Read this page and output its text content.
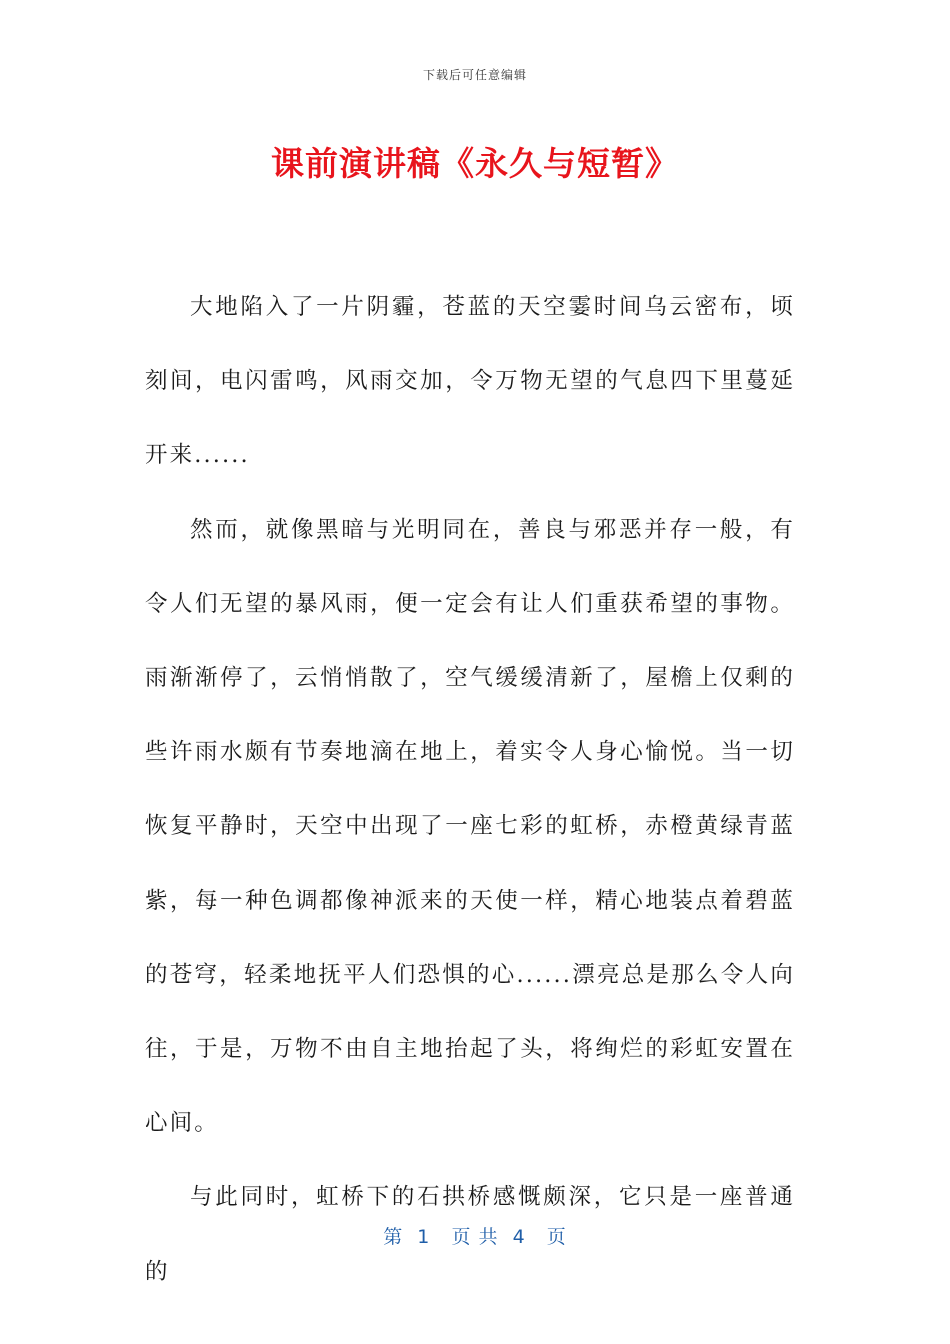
下载后可任意编辑
课前演讲稿《永久与短暂》

大地陷入了一片阴霾，苍蓝的天空霎时间乌云密布，顷刻间，电闪雷鸣，风雨交加，令万物无望的气息四下里蔓延开来......

然而，就像黑暗与光明同在，善良与邪恶并存一般，有令人们无望的暴风雨，便一定会有让人们重获希望的事物。雨渐渐停了，云悄悄散了，空气缓缓清新了，屋檐上仅剩的些许雨水颇有节奏地滴在地上，着实令人身心愉悦。当一切恢复平静时，天空中出现了一座七彩的虹桥，赤橙黄绿青蓝紫，每一种色调都像神派来的天使一样，精心地装点着碧蓝的苍穹，轻柔地抚平人们恐惧的心......漂亮总是那么令人向往，于是，万物不由自主地抬起了头，将绚烂的彩虹安置在心间。

与此同时，虹桥下的石拱桥感慨颇深，它只是一座普通的

第  1   页 共  4   页
